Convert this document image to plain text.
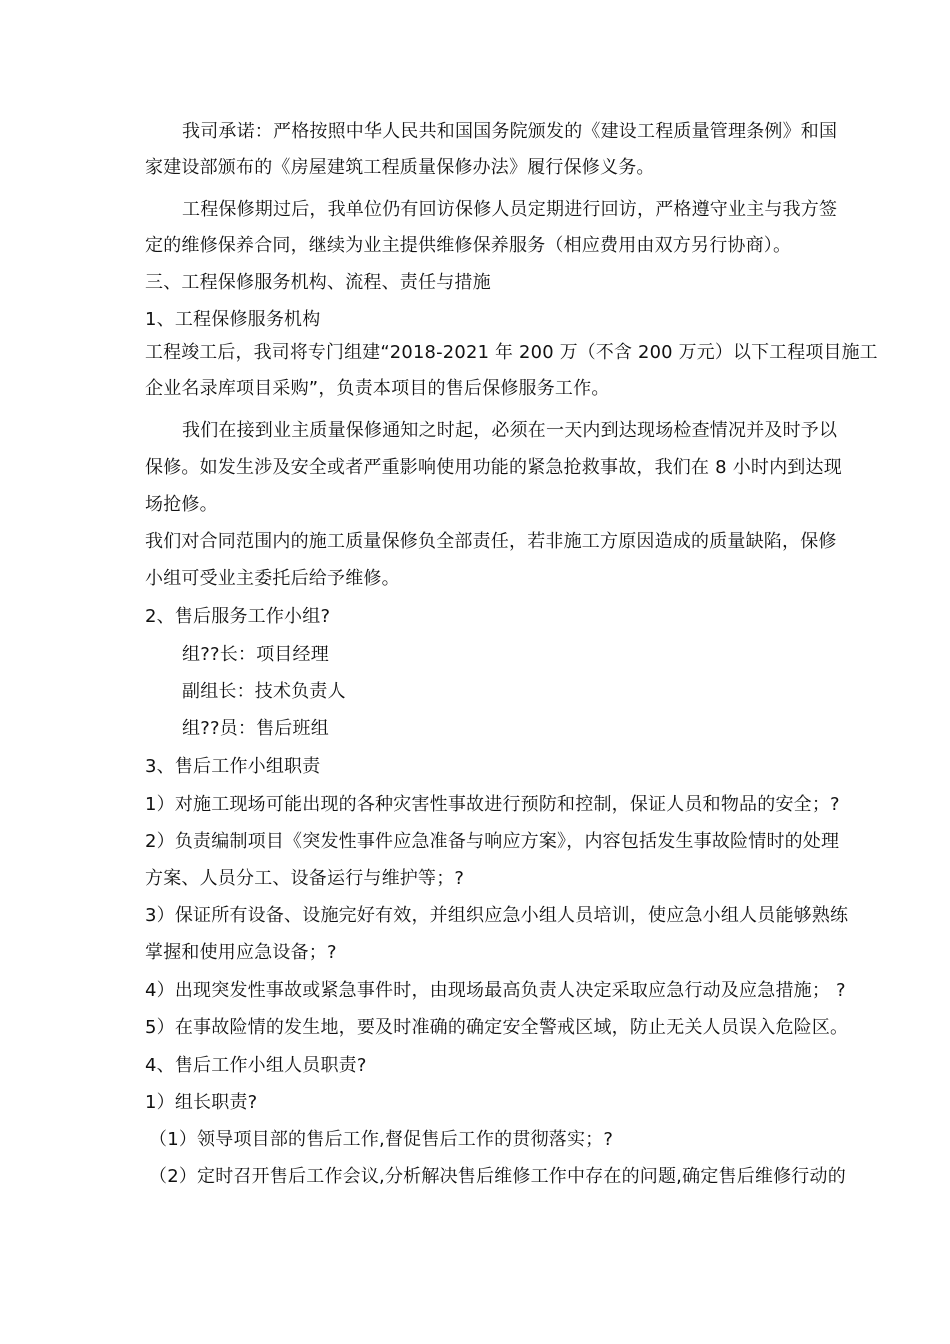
我司承诺：严格按照中华人民共和国国务院颁发的《建设工程质量管理条例》和国
家建设部颁布的《房屋建筑工程质量保修办法》履行保修义务。
工程保修期过后，我单位仍有回访保修人员定期进行回访，严格遵守业主与我方签
定的维修保养合同，继续为业主提供维修保养服务（相应费用由双方另行协商）。
三、工程保修服务机构、流程、责任与措施
1、工程保修服务机构
工程竣工后，我司将专门组建“2018-2021 年 200 万（不含 200 万元）以下工程项目施工
企业名录库项目采购”，负责本项目的售后保修服务工作。
我们在接到业主质量保修通知之时起，必须在一天内到达现场检查情况并及时予以
保修。如发生涉及安全或者严重影响使用功能的紧急抢救事故，我们在 8 小时内到达现
场抢修。
我们对合同范围内的施工质量保修负全部责任，若非施工方原因造成的质量缺陷，保修
小组可受业主委托后给予维修。
2、售后服务工作小组?
组??长：项目经理
副组长：技术负责人
组??员：售后班组
3、售后工作小组职责
1）对施工现场可能出现的各种灾害性事故进行预防和控制，保证人员和物品的安全；?
2）负责编制项目《突发性事件应急准备与响应方案》，内容包括发生事故险情时的处理
方案、人员分工、设备运行与维护等；?
3）保证所有设备、设施完好有效，并组织应急小组人员培训，使应急小组人员能够熟练
掌握和使用应急设备；?
4）出现突发性事故或紧急事件时，由现场最高负责人决定采取应急行动及应急措施； ?
5）在事故险情的发生地，要及时准确的确定安全警戒区域，防止无关人员误入危险区。
4、售后工作小组人员职责?
1）组长职责?
（1）领导项目部的售后工作,督促售后工作的贯彻落实；?
（2）定时召开售后工作会议,分析解决售后维修工作中存在的问题,确定售后维修行动的
